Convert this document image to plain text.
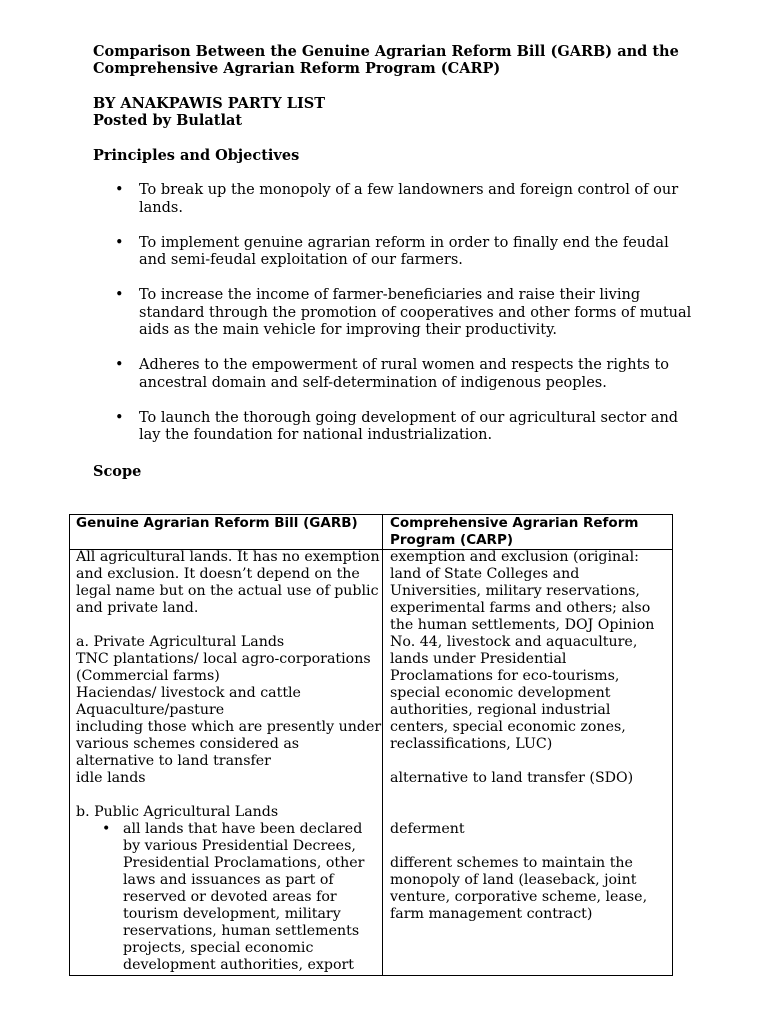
Comparison Between the Genuine Agrarian Reform Bill (GARB) and the
Comprehensive Agrarian Reform Program (CARP)
BY ANAKPAWIS PARTY LIST
Posted by Bulatlat
Principles and Objectives
• To break up the monopoly of a few landowners and foreign control of our
lands.
• To implement genuine agrarian reform in order to finally end the feudal
and semi-feudal exploitation of our farmers.
• To increase the income of farmer-beneficiaries and raise their living
standard through the promotion of cooperatives and other forms of mutual
aids as the main vehicle for improving their productivity.
• Adheres to the empowerment of rural women and respects the rights to
ancestral domain and self-determination of indigenous peoples.
• To launch the thorough going development of our agricultural sector and
lay the foundation for national industrialization.
Scope
Genuine Agrarian Reform Bill (GARB) Comprehensive Agrarian Reform
Program (CARP)
All agricultural lands. It has no exemption
and exclusion. It doesn’t depend on the
legal name but on the actual use of public
and private land.
a. Private Agricultural Lands
TNC plantations/ local agro-corporations
(Commercial farms)
Haciendas/ livestock and cattle
Aquaculture/pasture
including those which are presently under
various schemes considered as
alternative to land transfer
idle lands
b. Public Agricultural Lands
• all lands that have been declared
by various Presidential Decrees,
Presidential Proclamations, other
laws and issuances as part of
reserved or devoted areas for
tourism development, military
reservations, human settlements
projects, special economic
development authorities, export
exemption and exclusion (original:
land of State Colleges and
Universities, military reservations,
experimental farms and others; also
the human settlements, DOJ Opinion
No. 44, livestock and aquaculture,
lands under Presidential
Proclamations for eco-tourisms,
special economic development
authorities, regional industrial
centers, special economic zones,
reclassifications, LUC)
alternative to land transfer (SDO)
deferment
different schemes to maintain the
monopoly of land (leaseback, joint
venture, corporative scheme, lease,
farm management contract)
